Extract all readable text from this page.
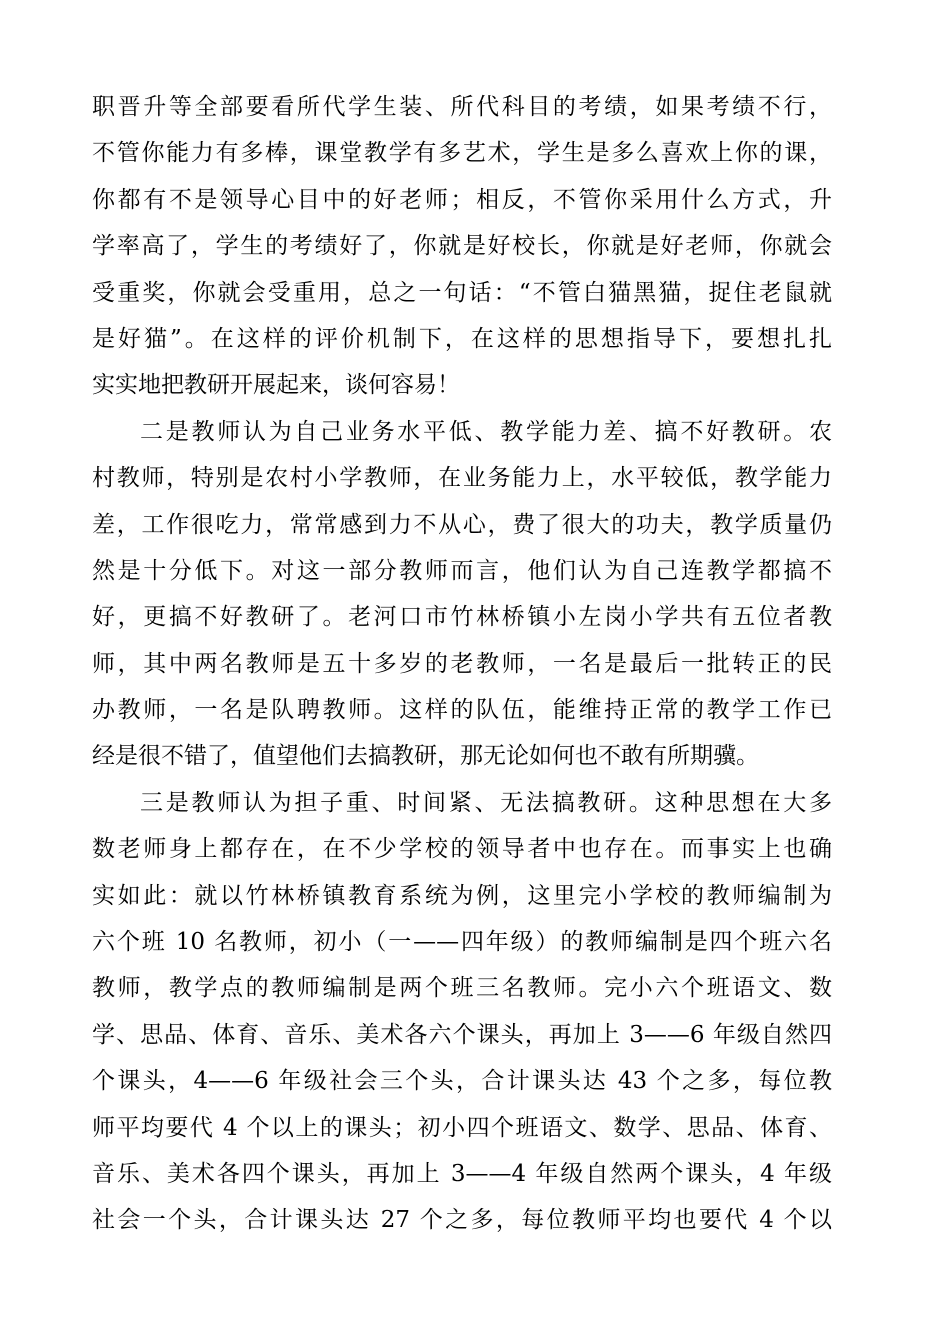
职晋升等全部要看所代学生装、所代科目的考绩，如果考绩不行，
不管你能力有多棒，课堂教学有多艺术，学生是多么喜欢上你的课，
你都有不是领导心目中的好老师；相反，不管你采用什么方式，升
学率高了，学生的考绩好了，你就是好校长，你就是好老师，你就会
受重奖，你就会受重用，总之一句话：“不管白猫黑猫，捉住老鼠就
是好猫”。在这样的评价机制下，在这样的思想指导下，要想扎扎
实实地把教研开展起来，谈何容易！
二是教师认为自己业务水平低、教学能力差、搞不好教研。农
村教师，特别是农村小学教师，在业务能力上，水平较低，教学能力
差，工作很吃力，常常感到力不从心，费了很大的功夫，教学质量仍
然是十分低下。对这一部分教师而言，他们认为自己连教学都搞不
好，更搞不好教研了。老河口市竹林桥镇小左岗小学共有五位者教
师，其中两名教师是五十多岁的老教师，一名是最后一批转正的民
办教师，一名是队聘教师。这样的队伍，能维持正常的教学工作已
经是很不错了，值望他们去搞教研，那无论如何也不敢有所期骥。
三是教师认为担子重、时间紧、无法搞教研。这种思想在大多
数老师身上都存在，在不少学校的领导者中也存在。而事实上也确
实如此：就以竹林桥镇教育系统为例，这里完小学校的教师编制为
六个班 10 名教师，初小（一——四年级）的教师编制是四个班六名
教师，教学点的教师编制是两个班三名教师。完小六个班语文、数
学、思品、体育、音乐、美术各六个课头，再加上 3——6 年级自然四
个课头，4——6 年级社会三个头，合计课头达 43 个之多，每位教
师平均要代 4 个以上的课头；初小四个班语文、数学、思品、体育、
音乐、美术各四个课头，再加上 3——4 年级自然两个课头，4 年级
社会一个头，合计课头达 27 个之多，每位教师平均也要代 4 个以
